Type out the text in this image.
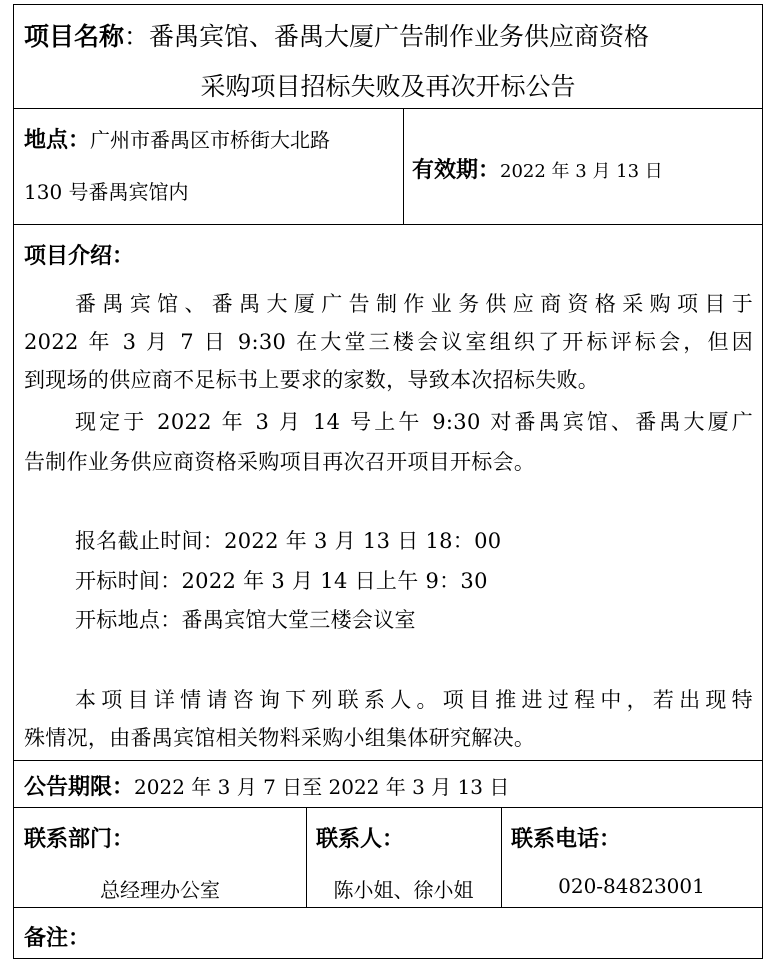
项目名称：番禺宾馆、番禺大厦广告制作业务供应商资格
采购项目招标失败及再次开标公告
地点：广州市番禺区市桥街大北路
130 号番禺宾馆内
有效期：2022 年 3 月 13 日
项目介绍：
番禺宾馆、番禺大厦广告制作业务供应商资格采购项目于
2022 年 3 月 7 日 9:30 在大堂三楼会议室组织了开标评标会，但因
到现场的供应商不足标书上要求的家数，导致本次招标失败。
现定于 2022 年 3 月 14 号上午 9:30 对番禺宾馆、番禺大厦广
告制作业务供应商资格采购项目再次召开项目开标会。
报名截止时间：2022 年 3 月 13 日 18：00
开标时间：2022 年 3 月 14 日上午 9：30
开标地点：番禺宾馆大堂三楼会议室
本项目详情请咨询下列联系人。项目推进过程中，若出现特
殊情况，由番禺宾馆相关物料采购小组集体研究解决。
公告期限：2022 年 3 月 7 日至 2022 年 3 月 13 日
联系部门：
总经理办公室
联系人：
陈小姐、徐小姐
联系电话：
020-84823001
备注：
